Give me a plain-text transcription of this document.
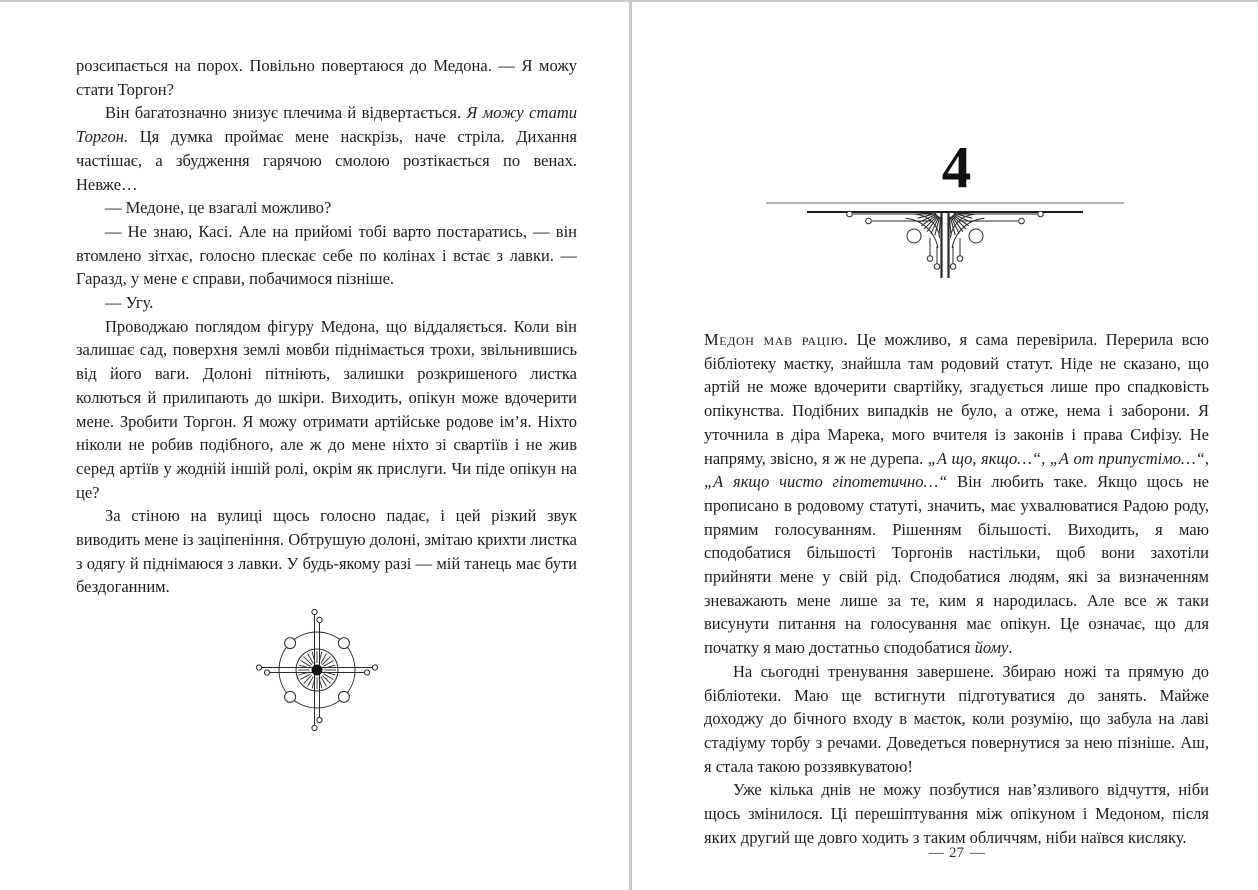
розсипається на порох. Повільно повертаюся до Медона. — Я можу стати Торгон?

Він багатозначно знизує плечима й відвертається. Я можу стати Торгон. Ця думка проймає мене наскрізь, наче стріла. Дихання частішає, а збудження гарячою смолою розтікається по венах. Невже…

— Медоне, це взагалі можливо?

— Не знаю, Касі. Але на прийомі тобі варто постаратись, — він втомлено зітхає, голосно плескає себе по колінах і встає з лавки. — Гаразд, у мене є справи, побачимося пізніше.

— Угу.

Проводжаю поглядом фігуру Медона, що віддаляється. Коли він залишає сад, поверхня землі мовби піднімається трохи, звільнившись від його ваги. Долоні пітніють, залишки розкришеного листка колються й прилипають до шкіри. Виходить, опікун може вдочерити мене. Зробити Торгон. Я можу отримати артійське родове ім’я. Ніхто ніколи не робив подібного, але ж до мене ніхто зі свартіїв і не жив серед артіїв у жодній іншій ролі, окрім як прислуги. Чи піде опікун на це?

За стіною на вулиці щось голосно падає, і цей різкий звук виводить мене із заціпеніння. Обтрушую долоні, змітаю крихти листка з одягу й піднімаюся з лавки. У будь-якому разі — мій танець має бути бездоганним.

4

Медон мав рацію. Це можливо, я сама перевірила. Перерила всю бібліотеку маєтку, знайшла там родовий статут. Ніде не сказано, що артій не може вдочерити свартійку, згадується лише про спадковість опікунства. Подібних випадків не було, а отже, нема і заборони. Я уточнила в діра Марека, мого вчителя із законів і права Сифізу. Не напряму, звісно, я ж не дурепа. „А що, якщо…“, „А от припустімо…“, „А якщо чисто гіпотетично…“ Він любить таке. Якщо щось не прописано в родовому статуті, значить, має ухвалюватися Радою роду, прямим голосуванням. Рішенням більшості. Виходить, я маю сподобатися більшості Торгонів настільки, щоб вони захотіли прийняти мене у свій рід. Сподобатися людям, які за визначенням зневажають мене лише за те, ким я народилась. Але все ж таки висунути питання на голосування має опікун. Це означає, що для початку я маю достатньо сподобатися йому.

На сьогодні тренування завершене. Збираю ножі та прямую до бібліотеки. Маю ще встигнути підготуватися до занять. Майже доходжу до бічного входу в маєток, коли розумію, що забула на лаві стадіуму торбу з речами. Доведеться повернутися за нею пізніше. Аш, я стала такою роззявкуватою!

Уже кілька днів не можу позбутися нав’язливого відчуття, ніби щось змінилося. Ці перешіптування між опікуном і Медоном, після яких другий ще довго ходить з таким обличчям, ніби наївся кисляку.

— 27 —
